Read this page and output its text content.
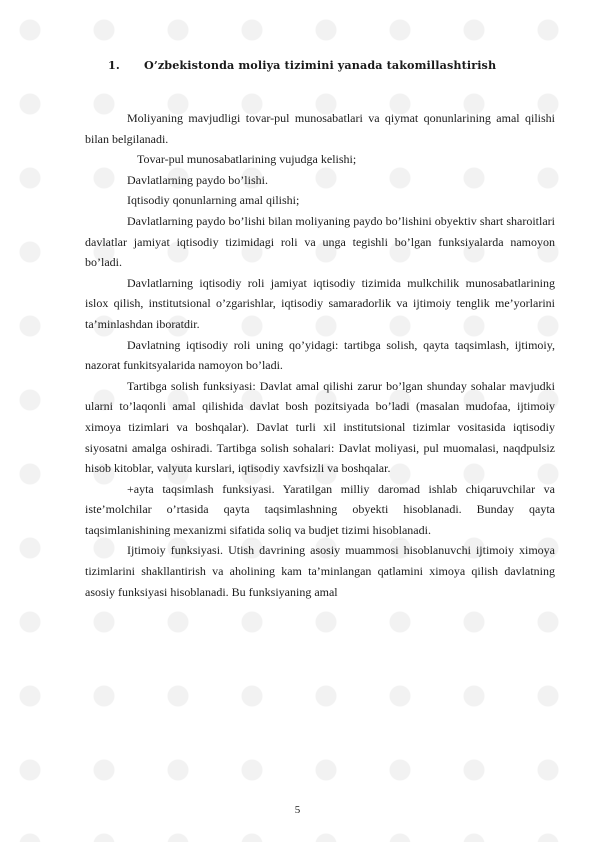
1. O’zbekistonda moliya tizimini yanada takomillashtirish

Moliyaning mavjudligi tovar-pul munosabatlari va qiymat qonunlarining amal qilishi bilan belgilanadi.

Tovar-pul munosabatlarining vujudga kelishi;

Davlatlarning paydo bo’lishi.

Iqtisodiy qonunlarning amal qilishi;

Davlatlarning paydo bo’lishi bilan moliyaning paydo bo’lishini obyektiv shart sharoitlari davlatlar jamiyat iqtisodiy tizimidagi roli va unga tegishli bo’lgan funksiyalarda namoyon bo’ladi.

Davlatlarning iqtisodiy roli jamiyat iqtisodiy tizimida mulkchilik munosabatlarining islox qilish, institutsional o’zgarishlar, iqtisodiy samaradorlik va ijtimoiy tenglik me’yorlarini ta’minlashdan iboratdir.

Davlatning iqtisodiy roli uning qo’yidagi: tartibga solish, qayta taqsimlash, ijtimoiy, nazorat funkitsyalarida namoyon bo’ladi.

Tartibga solish funksiyasi: Davlat amal qilishi zarur bo’lgan shunday sohalar mavjudki ularni to’laqonli amal qilishida davlat bosh pozitsiyada bo’ladi (masalan mudofaa, ijtimoiy ximoya tizimlari va boshqalar). Davlat turli xil institutsional tizimlar vositasida iqtisodiy siyosatni amalga oshiradi. Tartibga solish sohalari: Davlat moliyasi, pul muomalasi, naqdpulsiz hisob kitoblar, valyuta kurslari, iqtisodiy xavfsizli va boshqalar.

+ayta taqsimlash funksiyasi. Yaratilgan milliy daromad ishlab chiqaruvchilar va iste’molchilar o’rtasida qayta taqsimlashning obyekti hisoblanadi. Bunday qayta taqsimlanishining mexanizmi sifatida soliq va budjet tizimi hisoblanadi.

Ijtimoiy funksiyasi. Utish davrining asosiy muammosi hisoblanuvchi ijtimoiy ximoya tizimlarini shakllantirish va aholining kam ta’minlangan qatlamini ximoya qilish davlatning asosiy funksiyasi hisoblanadi. Bu funksiyaning amal

5
